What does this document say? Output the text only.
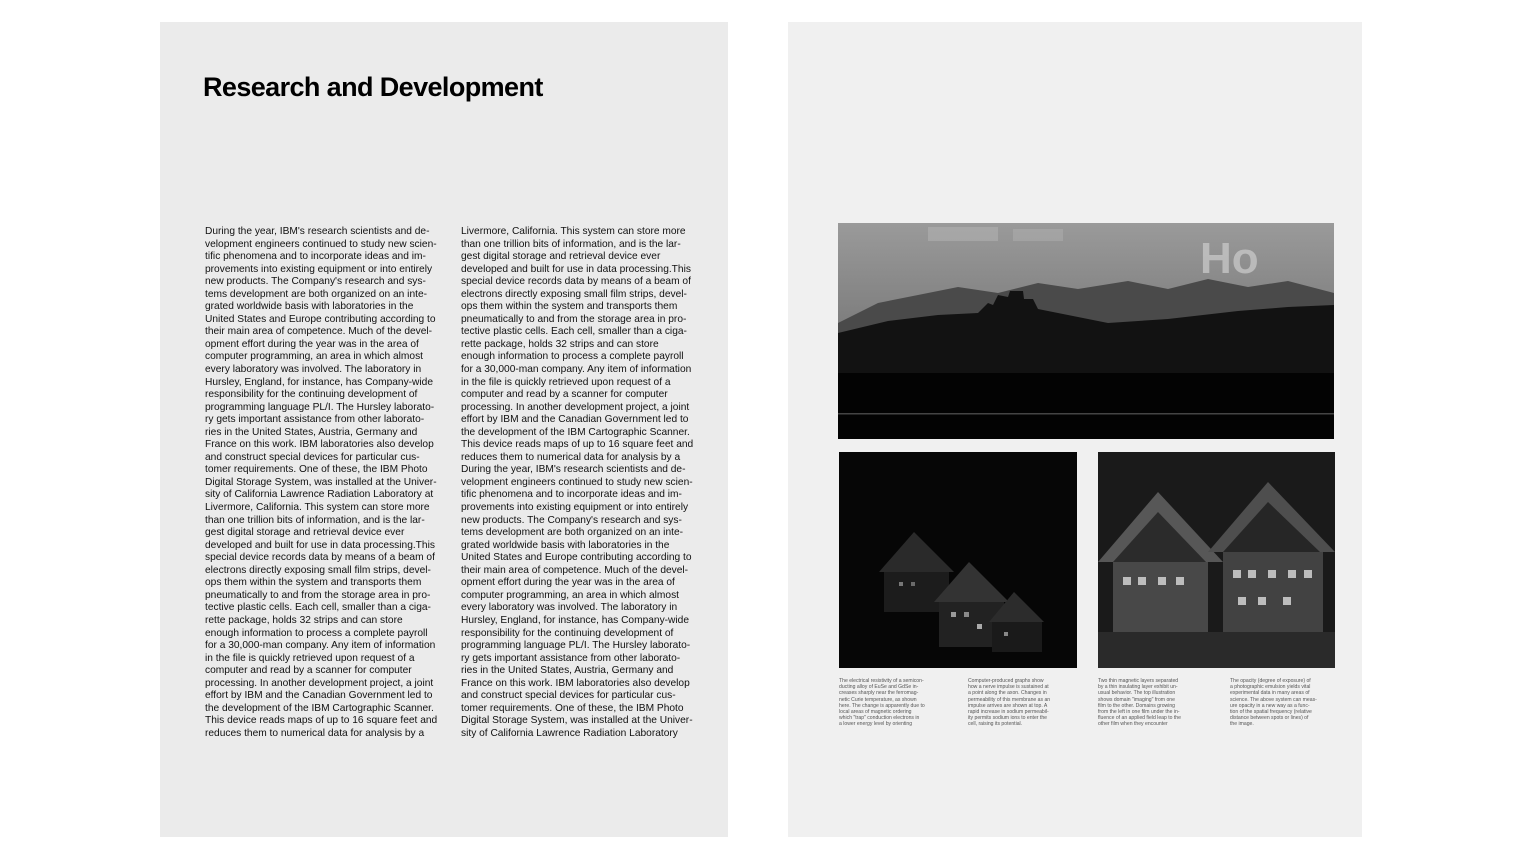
Research and Development
During the year, IBM's research scientists and de-
velopment engineers continued to study new scien-
tific phenomena and to incorporate ideas and im-
provements into existing equipment or into entirely
new products. The Company's research and sys-
tems development are both organized on an inte-
grated worldwide basis with laboratories in the
United States and Europe contributing according to
their main area of competence. Much of the devel-
opment effort during the year was in the area of
computer programming, an area in which almost
every laboratory was involved. The laboratory in
Hursley, England, for instance, has Company-wide
responsibility for the continuing development of
programming language PL/I. The Hursley laborato-
ry gets important assistance from other laborato-
ries in the United States, Austria, Germany and
France on this work. IBM laboratories also develop
and construct special devices for particular cus-
tomer requirements. One of these, the IBM Photo
Digital Storage System, was installed at the Univer-
sity of California Lawrence Radiation Laboratory at
Livermore, California. This system can store more
than one trillion bits of information, and is the lar-
gest digital storage and retrieval device ever
developed and built for use in data processing.This
special device records data by means of a beam of
electrons directly exposing small film strips, devel-
ops them within the system and transports them
pneumatically to and from the storage area in pro-
tective plastic cells. Each cell, smaller than a ciga-
rette package, holds 32 strips and can store
enough information to process a complete payroll
for a 30,000-man company. Any item of information
in the file is quickly retrieved upon request of a
computer and read by a scanner for computer
processing. In another development project, a joint
effort by IBM and the Canadian Government led to
the development of the IBM Cartographic Scanner.
This device reads maps of up to 16 square feet and
reduces them to numerical data for analysis by a
Livermore, California. This system can store more
than one trillion bits of information, and is the lar-
gest digital storage and retrieval device ever
developed and built for use in data processing.This
special device records data by means of a beam of
electrons directly exposing small film strips, devel-
ops them within the system and transports them
pneumatically to and from the storage area in pro-
tective plastic cells. Each cell, smaller than a ciga-
rette package, holds 32 strips and can store
enough information to process a complete payroll
for a 30,000-man company. Any item of information
in the file is quickly retrieved upon request of a
computer and read by a scanner for computer
processing. In another development project, a joint
effort by IBM and the Canadian Government led to
the development of the IBM Cartographic Scanner.
This device reads maps of up to 16 square feet and
reduces them to numerical data for analysis by a
During the year, IBM's research scientists and de-
velopment engineers continued to study new scien-
tific phenomena and to incorporate ideas and im-
provements into existing equipment or into entirely
new products. The Company's research and sys-
tems development are both organized on an inte-
grated worldwide basis with laboratories in the
United States and Europe contributing according to
their main area of competence. Much of the devel-
opment effort during the year was in the area of
computer programming, an area in which almost
every laboratory was involved. The laboratory in
Hursley, England, for instance, has Company-wide
responsibility for the continuing development of
programming language PL/I. The Hursley laborato-
ry gets important assistance from other laborato-
ries in the United States, Austria, Germany and
France on this work. IBM laboratories also develop
and construct special devices for particular cus-
tomer requirements. One of these, the IBM Photo
Digital Storage System, was installed at the Univer-
sity of California Lawrence Radiation Laboratory
Ho
The electrical resistivity of a semicon-
ducting alloy of EuSe and GdSe in-
creases sharply near the ferromag-
netic Curie temperature, as shown
here. The change is apparently due to
local areas of magnetic ordering
which "trap" conduction electrons in
a lower energy level by orienting
Computer-produced graphs show
how a nerve impulse is sustained at
a point along the axon. Changes in
permeability of this membrane as an
impulse arrives are shown at top. A
rapid increase in sodium permeabil-
ity permits sodium ions to enter the
cell, raising its potential.
Two thin magnetic layers separated
by a thin insulating layer exhibit un-
usual behavior. The top illustration
shows domain "imaging" from one
film to the other. Domains growing
from the left in one film under the in-
fluence of an applied field leap to the
other film when they encounter
The opacity (degree of exposure) of
a photographic emulsion yields vital
experimental data in many areas of
science. The above system can meas-
ure opacity in a new way as a func-
tion of the spatial frequency (relative
distance between spots or lines) of
the image.
